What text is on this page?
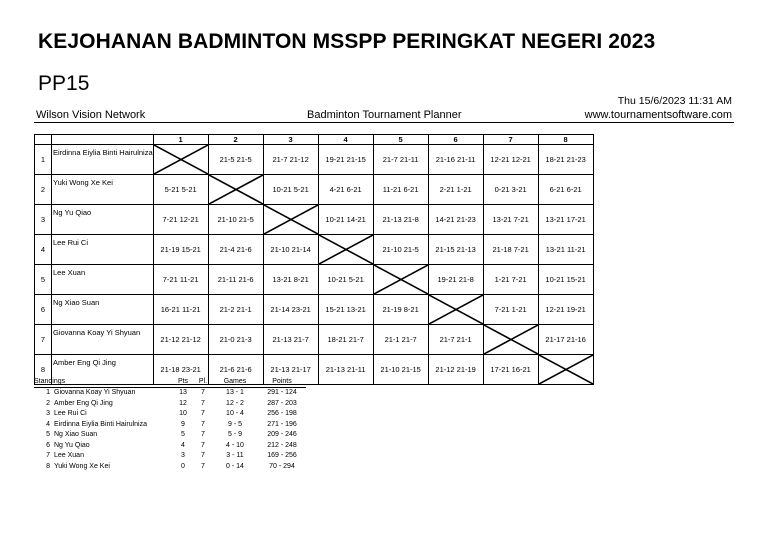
KEJOHANAN BADMINTON MSSPP PERINGKAT NEGERI 2023
PP15
Thu 15/6/2023 11:31 AM
Wilson Vision Network	Badminton Tournament Planner	www.tournamentsoftware.com
		1	2	3	4	5	6	7	8
1	Eirdinna Eiylia Binti Hairulniza		21-5 21-5	21-7 21-12	19-21 21-15	21-7 21-11	21-16 21-11	12-21 12-21	18-21 21-23
2	Yuki Wong Xe Kei	5-21 5-21		10-21 5-21	4-21 6-21	11-21 6-21	2-21 1-21	0-21 3-21	6-21 6-21
3	Ng Yu Qiao	7-21 12-21	21-10 21-5		10-21 14-21	21-13 21-8	14-21 21-23	13-21 7-21	13-21 17-21
4	Lee Rui Ci	21-19 15-21	21-4 21-6	21-10 21-14		21-10 21-5	21-15 21-13	21-18 7-21	13-21 11-21
5	Lee Xuan	7-21 11-21	21-11 21-6	13-21 8-21	10-21 5-21		19-21 21-8	1-21 7-21	10-21 15-21
6	Ng Xiao Suan	16-21 11-21	21-2 21-1	21-14 23-21	15-21 13-21	21-19 8-21		7-21 1-21	12-21 19-21
7	Giovanna Koay Yi Shyuan	21-12 21-12	21-0 21-3	21-13 21-7	18-21 21-7	21-1 21-7	21-7 21-1		21-17 21-16
8	Amber Eng Qi Jing	21-18 23-21	21-6 21-6	21-13 21-17	21-13 21-11	21-10 21-15	21-12 21-19	17-21 16-21	
Standings		Pts	Pl.	Games	Points
1	Giovanna Koay Yi Shyuan	13	7	13 - 1	291 - 124
2	Amber Eng Qi Jing	12	7	12 - 2	287 - 203
3	Lee Rui Ci	10	7	10 - 4	256 - 198
4	Eirdinna Eiylia Binti Hairulniza	9	7	9 - 5	271 - 196
5	Ng Xiao Suan	5	7	5 - 9	209 - 246
6	Ng Yu Qiao	4	7	4 - 10	212 - 248
7	Lee Xuan	3	7	3 - 11	169 - 256
8	Yuki Wong Xe Kei	0	7	0 - 14	70 - 294
